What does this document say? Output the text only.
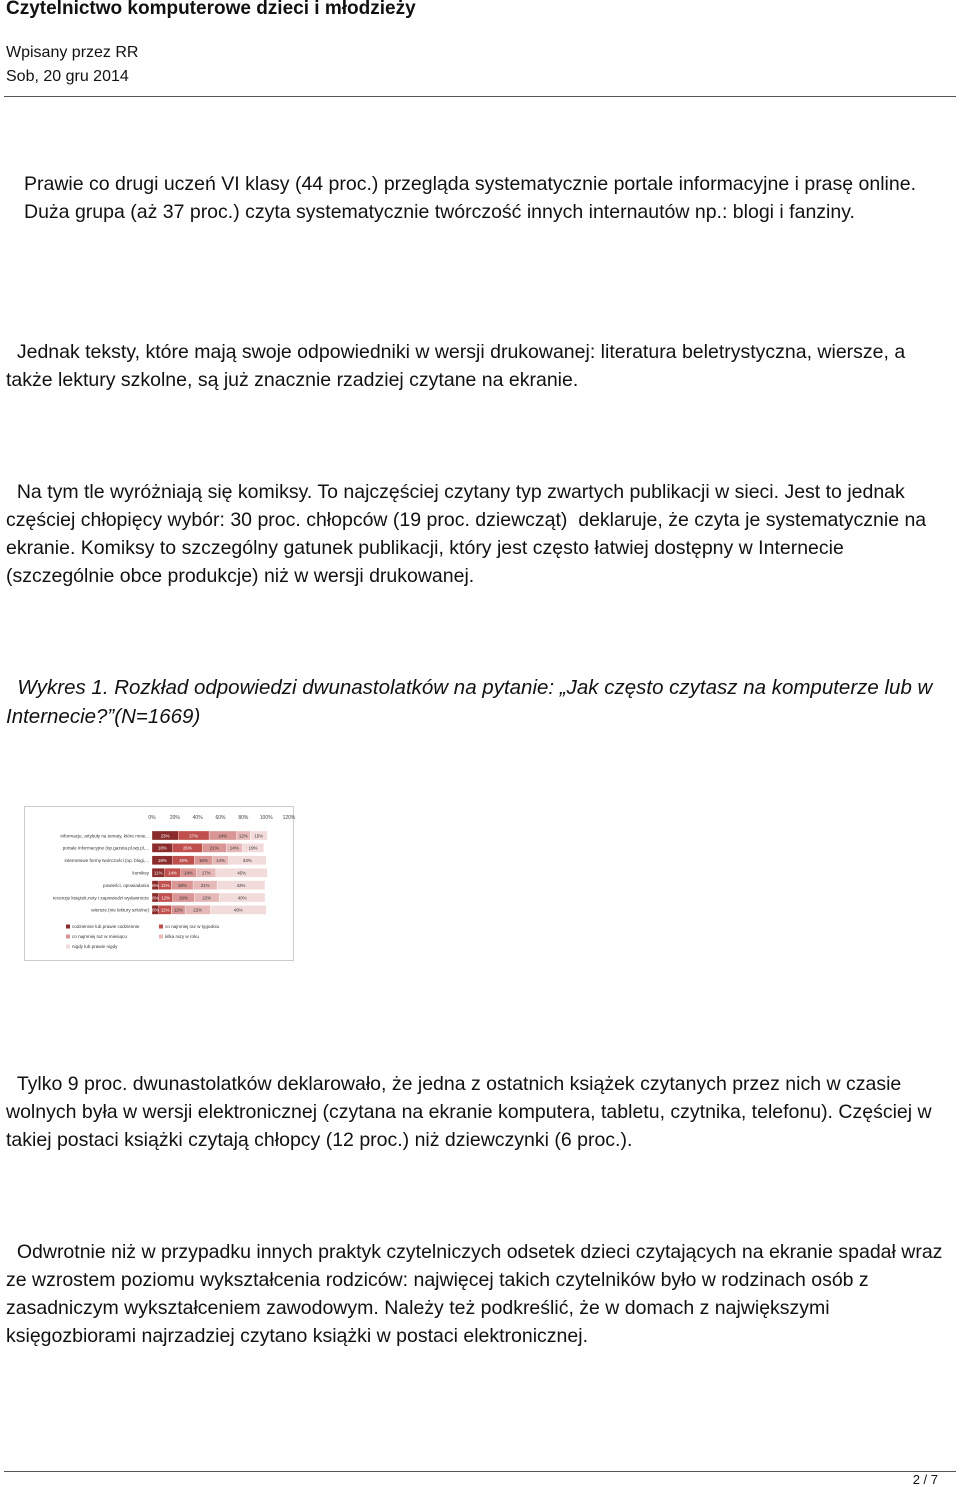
Czytelnictwo komputerowe dzieci i młodzieży
Wpisany przez RR
Sob, 20 gru 2014

Prawie co drugi uczeń VI klasy (44 proc.) przegląda systematycznie portale informacyjne i prasę online. Duża grupa (aż 37 proc.) czyta systematycznie twórczość innych internautów np.: blogi i fanziny.

Jednak teksty, które mają swoje odpowiedniki w wersji drukowanej: literatura beletrystyczna, wiersze, a także lektury szkolne, są już znacznie rzadziej czytane na ekranie.

Na tym tle wyróżniają się komiksy. To najczęściej czytany typ zwartych publikacji w sieci. Jest to jednak częściej chłopięcy wybór: 30 proc. chłopców (19 proc. dziewcząt)  deklaruje, że czyta je systematycznie na ekranie. Komiksy to szczególny gatunek publikacji, który jest często łatwiej dostępny w Internecie (szczególnie obce produkcje) niż w wersji drukowanej.

Wykres 1. Rozkład odpowiedzi dwunastolatków na pytanie: „Jak często czytasz na komputerze lub w Internecie?”(N=1669)

0%	20%	40%	60%	80% 100% 120%
informacje, artykuły na tematy, które mnie...	23%	27%	24%	12% 15%
portale informacyjne (np.gazeta.pl,wp.pl,... 18%	26%	21%	14% 19%
internetowe formy twórczości (np. blogi,... 18%	19%	16% 14%	33%
komiksy 11% 14% 14% 17%	45%
powieści, opowiadania 6% 11% 19%	21%	42%
recenzje książek,noty i zapowiedzi wydawnicze 6% 12% 19%	22%	40%
wiersze (nie lektury szkolne) 6% 11% 12% 22%	49%
codziennie lub prawie codziennie	co najmniej raz w tygodniu
co najmniej raz w miesiącu	kilka razy w roku
nigdy lub prawie nigdy

Tylko 9 proc. dwunastolatków deklarowało, że jedna z ostatnich książek czytanych przez nich w czasie wolnych była w wersji elektronicznej (czytana na ekranie komputera, tabletu, czytnika, telefonu). Częściej w takiej postaci książki czytają chłopcy (12 proc.) niż dziewczynki (6 proc.).

Odwrotnie niż w przypadku innych praktyk czytelniczych odsetek dzieci czytających na ekranie spadał wraz ze wzrostem poziomu wykształcenia rodziców: najwięcej takich czytelników było w rodzinach osób z zasadniczym wykształceniem zawodowym. Należy też podkreślić, że w domach z największymi księgozbiorami najrzadziej czytano książki w postaci elektronicznej.

2 / 7
